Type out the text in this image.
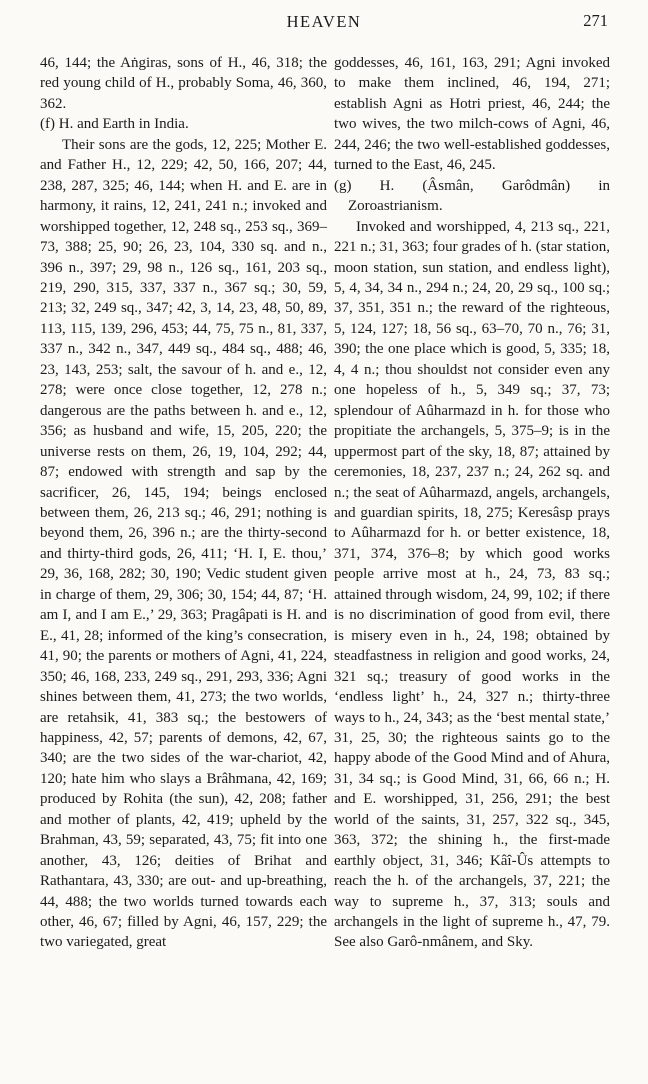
HEAVEN	271

46, 144; the Aṅgiras, sons of H., 46, 318; the red young child of H., probably Soma, 46, 360, 362.

(f) H. and Earth in India.

Their sons are the gods, 12, 225; Mother E. and Father H., 12, 229; 42, 50, 166, 207; 44, 238, 287, 325; 46, 144; when H. and E. are in harmony, it rains, 12, 241, 241 n.; invoked and worshipped together, 12, 248 sq., 253 sq., 369–73, 388; 25, 90; 26, 23, 104, 330 sq. and n., 396 n., 397; 29, 98 n., 126 sq., 161, 203 sq., 219, 290, 315, 337, 337 n., 367 sq.; 30, 59, 213; 32, 249 sq., 347; 42, 3, 14, 23, 48, 50, 89, 113, 115, 139, 296, 453; 44, 75, 75 n., 81, 337, 337 n., 342 n., 347, 449 sq., 484 sq., 488; 46, 23, 143, 253; salt, the savour of h. and e., 12, 278; were once close together, 12, 278 n.; dangerous are the paths between h. and e., 12, 356; as husband and wife, 15, 205, 220; the universe rests on them, 26, 19, 104, 292; 44, 87; endowed with strength and sap by the sacrificer, 26, 145, 194; beings enclosed between them, 26, 213 sq.; 46, 291; nothing is beyond them, 26, 396 n.; are the thirty-second and thirty-third gods, 26, 411; ‘H. I, E. thou,’ 29, 36, 168, 282; 30, 190; Vedic student given in charge of them, 29, 306; 30, 154; 44, 87; ‘H. am I, and I am E.,’ 29, 363; Pragâpati is H. and E., 41, 28; informed of the king’s consecration, 41, 90; the parents or mothers of Agni, 41, 224, 350; 46, 168, 233, 249 sq., 291, 293, 336; Agni shines between them, 41, 273; the two worlds, are retahsik, 41, 383 sq.; the bestowers of happiness, 42, 57; parents of demons, 42, 67, 340; are the two sides of the war-chariot, 42, 120; hate him who slays a Brâhmana, 42, 169; produced by Rohita (the sun), 42, 208; father and mother of plants, 42, 419; upheld by the Brahman, 43, 59; separated, 43, 75; fit into one another, 43, 126; deities of Brihat and Rathantara, 43, 330; are out- and up-breathing, 44, 488; the two worlds turned towards each other, 46, 67; filled by Agni, 46, 157, 229; the two variegated, great

goddesses, 46, 161, 163, 291; Agni invoked to make them inclined, 46, 194, 271; establish Agni as Hotri priest, 46, 244; the two wives, the two milch-cows of Agni, 46, 244, 246; the two well-established goddesses, turned to the East, 46, 245.

(g) H. (Âsmân, Garôdmân) in Zoroastrianism.

Invoked and worshipped, 4, 213 sq., 221, 221 n.; 31, 363; four grades of h. (star station, moon station, sun station, and endless light), 5, 4, 34, 34 n., 294 n.; 24, 20, 29 sq., 100 sq.; 37, 351, 351 n.; the reward of the righteous, 5, 124, 127; 18, 56 sq., 63–70, 70 n., 76; 31, 390; the one place which is good, 5, 335; 18, 4, 4 n.; thou shouldst not consider even any one hopeless of h., 5, 349 sq.; 37, 73; splendour of Aûharmazd in h. for those who propitiate the archangels, 5, 375–9; is in the uppermost part of the sky, 18, 87; attained by ceremonies, 18, 237, 237 n.; 24, 262 sq. and n.; the seat of Aûharmazd, angels, archangels, and guardian spirits, 18, 275; Keresâsp prays to Aûharmazd for h. or better existence, 18, 371, 374, 376–8; by which good works people arrive most at h., 24, 73, 83 sq.; attained through wisdom, 24, 99, 102; if there is no discrimination of good from evil, there is misery even in h., 24, 198; obtained by steadfastness in religion and good works, 24, 321 sq.; treasury of good works in the ‘endless light’ h., 24, 327 n.; thirty-three ways to h., 24, 343; as the ‘best mental state,’ 31, 25, 30; the righteous saints go to the happy abode of the Good Mind and of Ahura, 31, 34 sq.; is Good Mind, 31, 66, 66 n.; H. and E. worshipped, 31, 256, 291; the best world of the saints, 31, 257, 322 sq., 345, 363, 372; the shining h., the first-made earthly object, 31, 346; Kâî-Ûs attempts to reach the h. of the archangels, 37, 221; the way to supreme h., 37, 313; souls and archangels in the light of supreme h., 47, 79. See also Garô-nmânem, and Sky.
